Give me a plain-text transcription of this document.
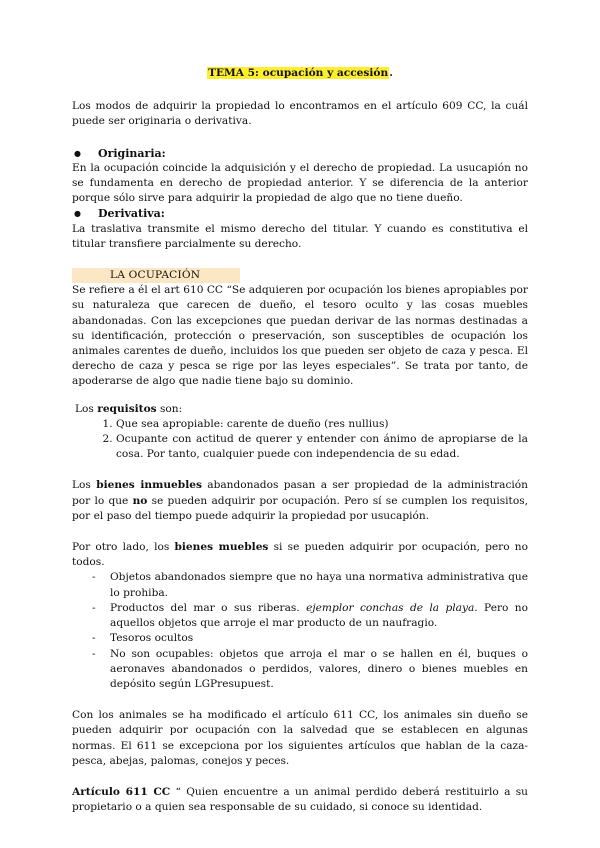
TEMA 5: ocupación y accesión.

Los modos de adquirir la propiedad lo encontramos en el artículo 609 CC, la cuál puede ser originaria o derivativa.

● Originaria:

En la ocupación coincide la adquisición y el derecho de propiedad. La usucapión no se fundamenta en derecho de propiedad anterior. Y se diferencia de la anterior porque sólo sirve para adquirir la propiedad de algo que no tiene dueño.

● Derivativa:

La traslativa transmite el mismo derecho del titular. Y cuando es constitutiva el titular transfiere parcialmente su derecho.

LA OCUPACIÓN

Se refiere a él el art 610 CC “Se adquieren por ocupación los bienes apropiables por su naturaleza que carecen de dueño, el tesoro oculto y las cosas muebles abandonadas. Con las excepciones que puedan derivar de las normas destinadas a su identificación, protección o preservación, son susceptibles de ocupación los animales carentes de dueño, incluidos los que pueden ser objeto de caza y pesca. El derecho de caza y pesca se rige por las leyes especiales”. Se trata por tanto, de apoderarse de algo que nadie tiene bajo su dominio.

Los requisitos son:

1. Que sea apropiable: carente de dueño (res nullius)
2. Ocupante con actitud de querer y entender con ánimo de apropiarse de la cosa. Por tanto, cualquier puede con independencia de su edad.

Los bienes inmuebles abandonados pasan a ser propiedad de la administración por lo que no se pueden adquirir por ocupación. Pero sí se cumplen los requisitos, por el paso del tiempo puede adquirir la propiedad por usucapión.

Por otro lado, los bienes muebles si se pueden adquirir por ocupación, pero no todos.

- Objetos abandonados siempre que no haya una normativa administrativa que lo prohiba.
- Productos del mar o sus riberas. ejemplor conchas de la playa. Pero no aquellos objetos que arroje el mar producto de un naufragio.
- Tesoros ocultos
- No son ocupables: objetos que arroja el mar o se hallen en él, buques o aeronaves abandonados o perdidos, valores, dinero o bienes muebles en depósito según LGPresupuest.

Con los animales se ha modificado el artículo 611 CC, los animales sin dueño se pueden adquirir por ocupación con la salvedad que se establecen en algunas normas. El 611 se excepciona por los siguientes artículos que hablan de la caza-pesca, abejas, palomas, conejos y peces.

Artículo 611 CC “ Quien encuentre a un animal perdido deberá restituirlo a su propietario o a quien sea responsable de su cuidado, si conoce su identidad.
